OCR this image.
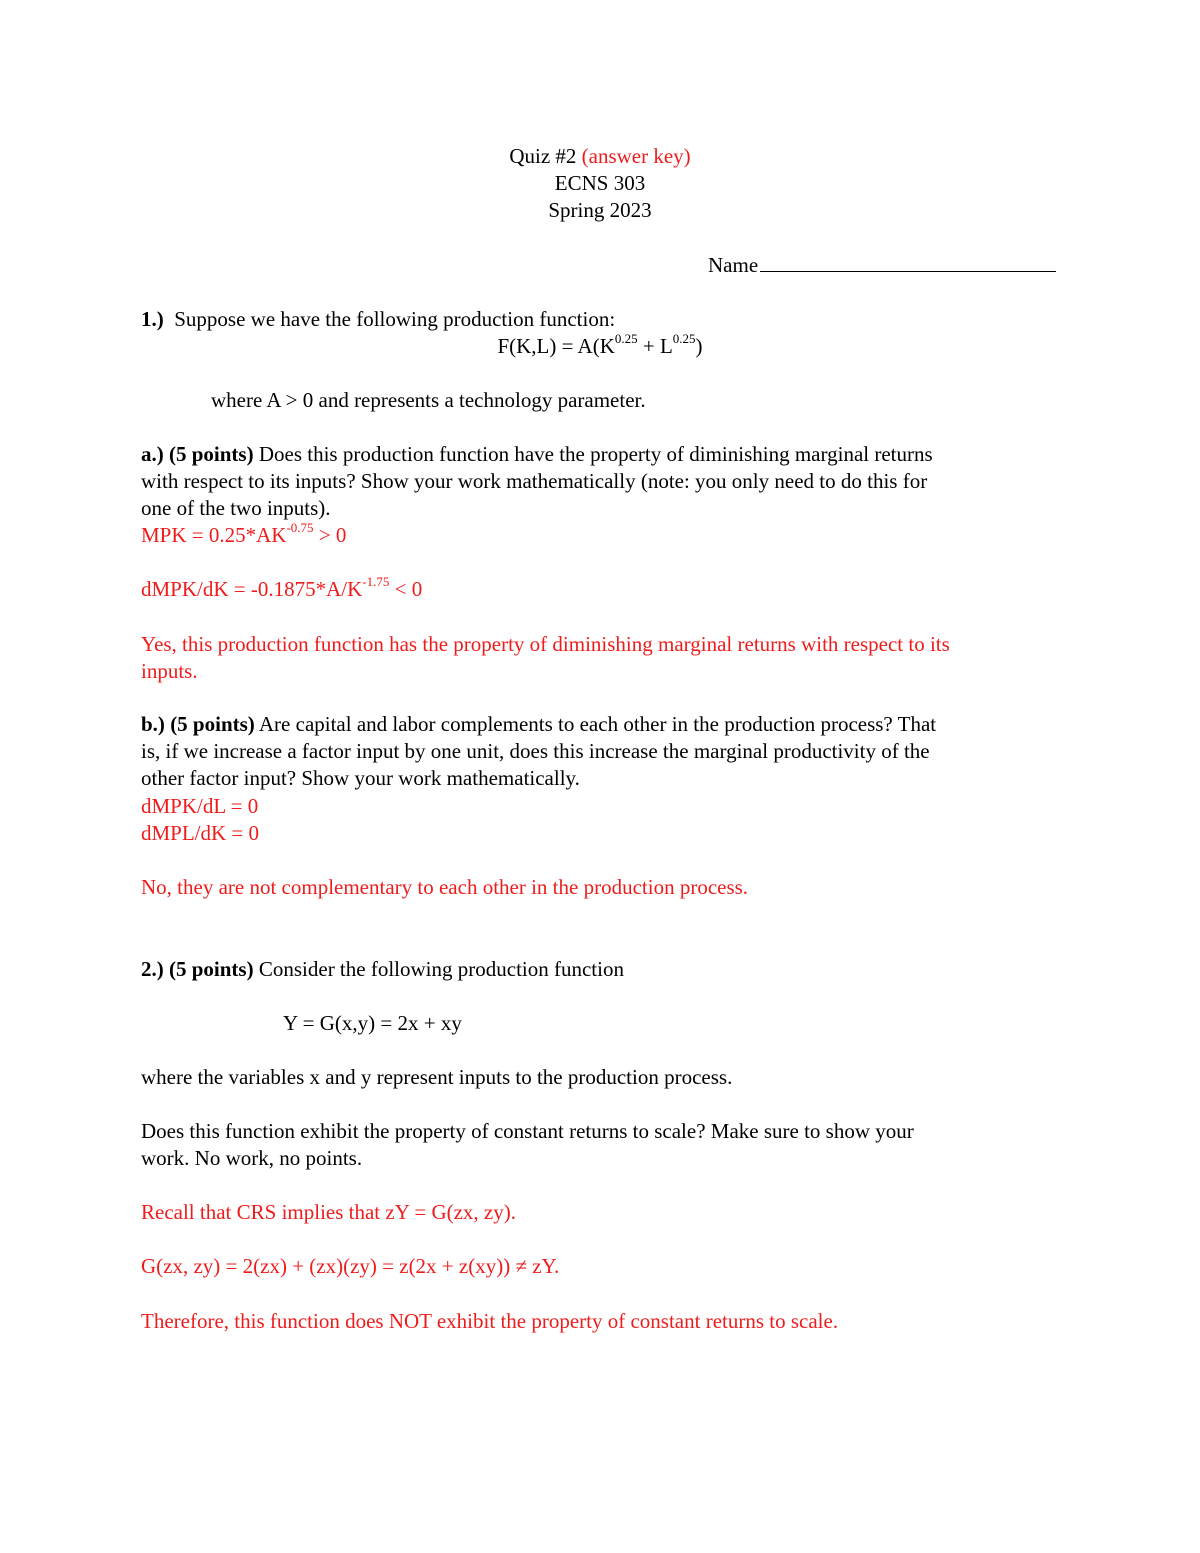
Quiz #2 (answer key)
ECNS 303
Spring 2023
Name
1.) Suppose we have the following production function:
$F(K,L) = A(K^{0.25} + L^{0.25})$
where A > 0 and represents a technology parameter.
a.) (5 points) Does this production function have the property of diminishing marginal returns
with respect to its inputs? Show your work mathematically (note: you only need to do this for
one of the two inputs).
MPK = $0.25*AK^{-0.75} > 0$
dMPK/dK = $-0.1875*A/K^{-1.75} < 0$
Yes, this production function has the property of diminishing marginal returns with respect to its
inputs.
b.) (5 points) Are capital and labor complements to each other in the production process? That
is, if we increase a factor input by one unit, does this increase the marginal productivity of the
other factor input? Show your work mathematically.
dMPK/dL = 0
dMPL/dK = 0
No, they are not complementary to each other in the production process.
2.) (5 points) Consider the following production function
Y = G(x,y) = 2x + xy
where the variables x and y represent inputs to the production process.
Does this function exhibit the property of constant returns to scale? Make sure to show your
work. No work, no points.
Recall that CRS implies that zY = G(zx, zy).
G(zx, zy) = 2(zx) + (zx)(zy) = z(2x + z(xy)) ≠ zY.
Therefore, this function does NOT exhibit the property of constant returns to scale.
